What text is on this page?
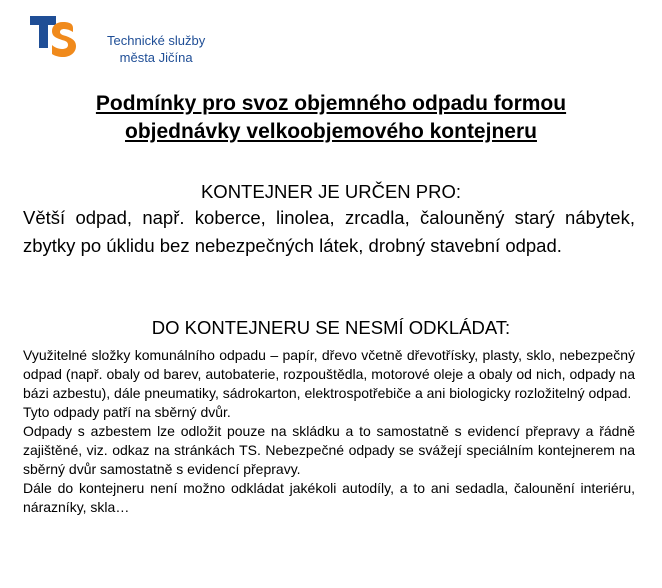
Technické služby
města Jičína
Podmínky pro svoz objemného odpadu formou
objednávky velkoobjemového kontejneru
KONTEJNER JE URČEN PRO:
Větší odpad, např. koberce, linolea, zrcadla, čalouněný starý nábytek, zbytky po úklidu bez nebezpečných látek, drobný stavební odpad.
DO KONTEJNERU SE NESMÍ ODKLÁDAT:

Využitelné složky komunálního odpadu – papír, dřevo včetně dřevotřísky, plasty, sklo, nebezpečný odpad (např. obaly od barev, autobaterie, rozpouštědla, motorové oleje a obaly od nich, odpady na bázi azbestu), dále pneumatiky, sádrokarton, elektrospotřebiče a ani biologicky rozložitelný odpad.

Tyto odpady patří na sběrný dvůr.

Odpady s azbestem lze odložit pouze na skládku a to samostatně s evidencí přepravy a řádně zajištěné, viz. odkaz na stránkách TS. Nebezpečné odpady se svážejí speciálním kontejnerem na sběrný dvůr samostatně s evidencí přepravy.

Dále do kontejneru není možno odkládat jakékoli autodíly, a to ani sedadla, čalounění interiéru, nárazníky, skla…
